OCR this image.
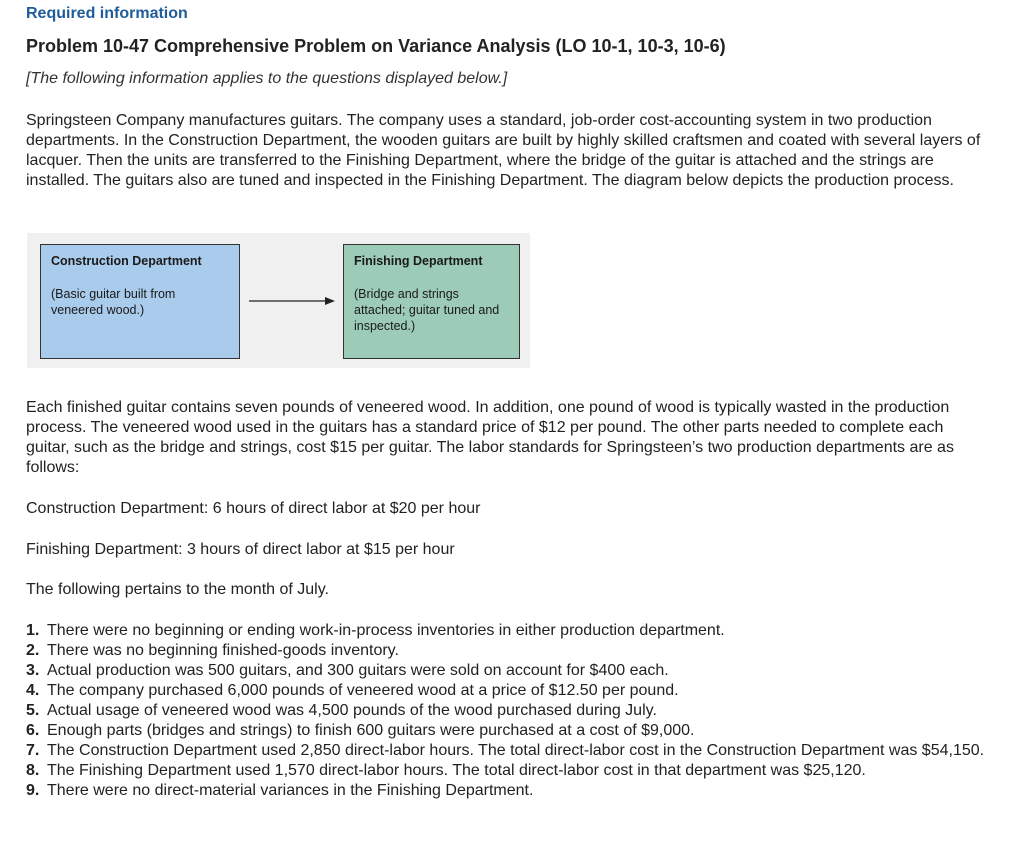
Required information
Problem 10-47 Comprehensive Problem on Variance Analysis (LO 10-1, 10-3, 10-6)
[The following information applies to the questions displayed below.]

Springsteen Company manufactures guitars. The company uses a standard, job-order cost-accounting system in two production departments. In the Construction Department, the wooden guitars are built by highly skilled craftsmen and coated with several layers of lacquer. Then the units are transferred to the Finishing Department, where the bridge of the guitar is attached and the strings are installed. The guitars also are tuned and inspected in the Finishing Department. The diagram below depicts the production process.

Construction Department
(Basic guitar built from veneered wood.)
Finishing Department
(Bridge and strings attached; guitar tuned and inspected.)

Each finished guitar contains seven pounds of veneered wood. In addition, one pound of wood is typically wasted in the production process. The veneered wood used in the guitars has a standard price of $12 per pound. The other parts needed to complete each guitar, such as the bridge and strings, cost $15 per guitar. The labor standards for Springsteen’s two production departments are as follows:

Construction Department: 6 hours of direct labor at $20 per hour
Finishing Department: 3 hours of direct labor at $15 per hour
The following pertains to the month of July.
1. There were no beginning or ending work-in-process inventories in either production department.
2. There was no beginning finished-goods inventory.
3. Actual production was 500 guitars, and 300 guitars were sold on account for $400 each.
4. The company purchased 6,000 pounds of veneered wood at a price of $12.50 per pound.
5. Actual usage of veneered wood was 4,500 pounds of the wood purchased during July.
6. Enough parts (bridges and strings) to finish 600 guitars were purchased at a cost of $9,000.
7. The Construction Department used 2,850 direct-labor hours. The total direct-labor cost in the Construction Department was $54,150.
8. The Finishing Department used 1,570 direct-labor hours. The total direct-labor cost in that department was $25,120.
9. There were no direct-material variances in the Finishing Department.
